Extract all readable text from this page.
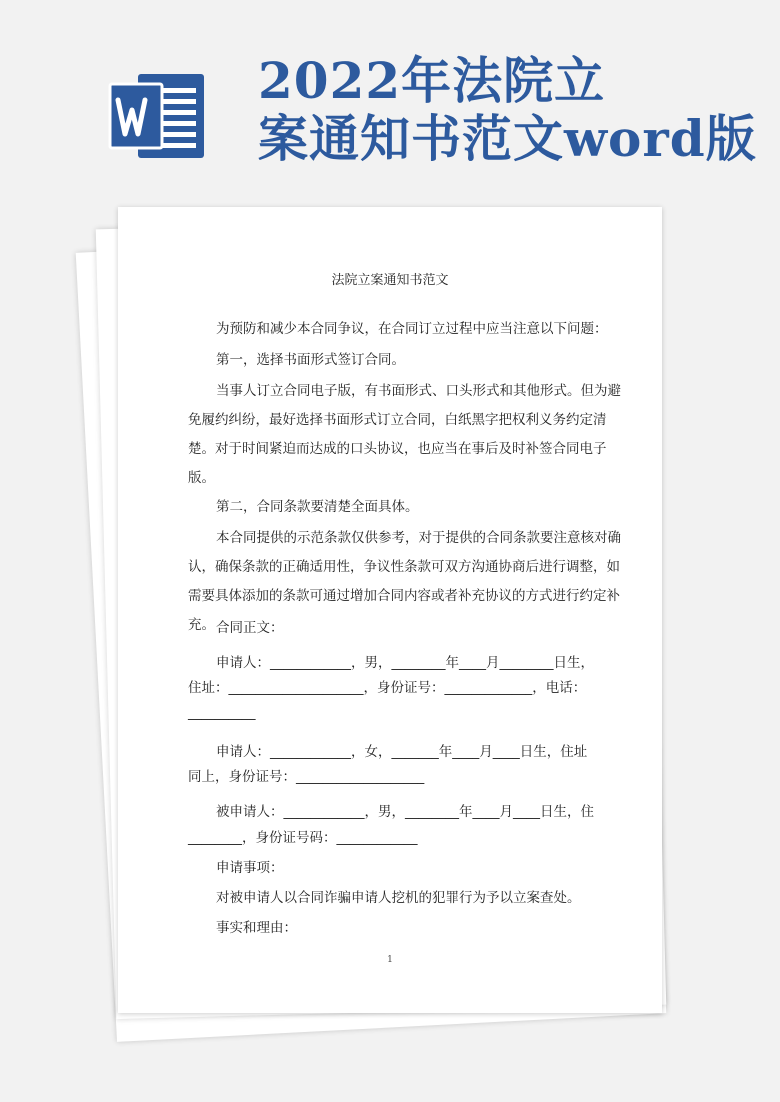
2022年法院立
案通知书范文word版
法院立案通知书范文

为预防和减少本合同争议，在合同订立过程中应当注意以下问题：

第一，选择书面形式签订合同。

当事人订立合同电子版，有书面形式、口头形式和其他形式。但为避免履约纠纷，最好选择书面形式订立合同，白纸黑字把权利义务约定清楚。对于时间紧迫而达成的口头协议，也应当在事后及时补签合同电子版。

第二，合同条款要清楚全面具体。

本合同提供的示范条款仅供参考，对于提供的合同条款要注意核对确认，确保条款的正确适用性，争议性条款可双方沟通协商后进行调整，如需要具体添加的条款可通过增加合同内容或者补充协议的方式进行约定补充。 合同正文：
申请人：____________，男，________年____月________日生，
住址：____________________，身份证号：_____________，电话：
__________
申请人：____________，女，_______年____月____日生，住址
同上，身份证号：___________________
被申请人：____________，男，________年____月____日生，住
________，身份证号码：____________
申请事项：
对被申请人以合同诈骗申请人挖机的犯罪行为予以立案查处。
事实和理由：
1
